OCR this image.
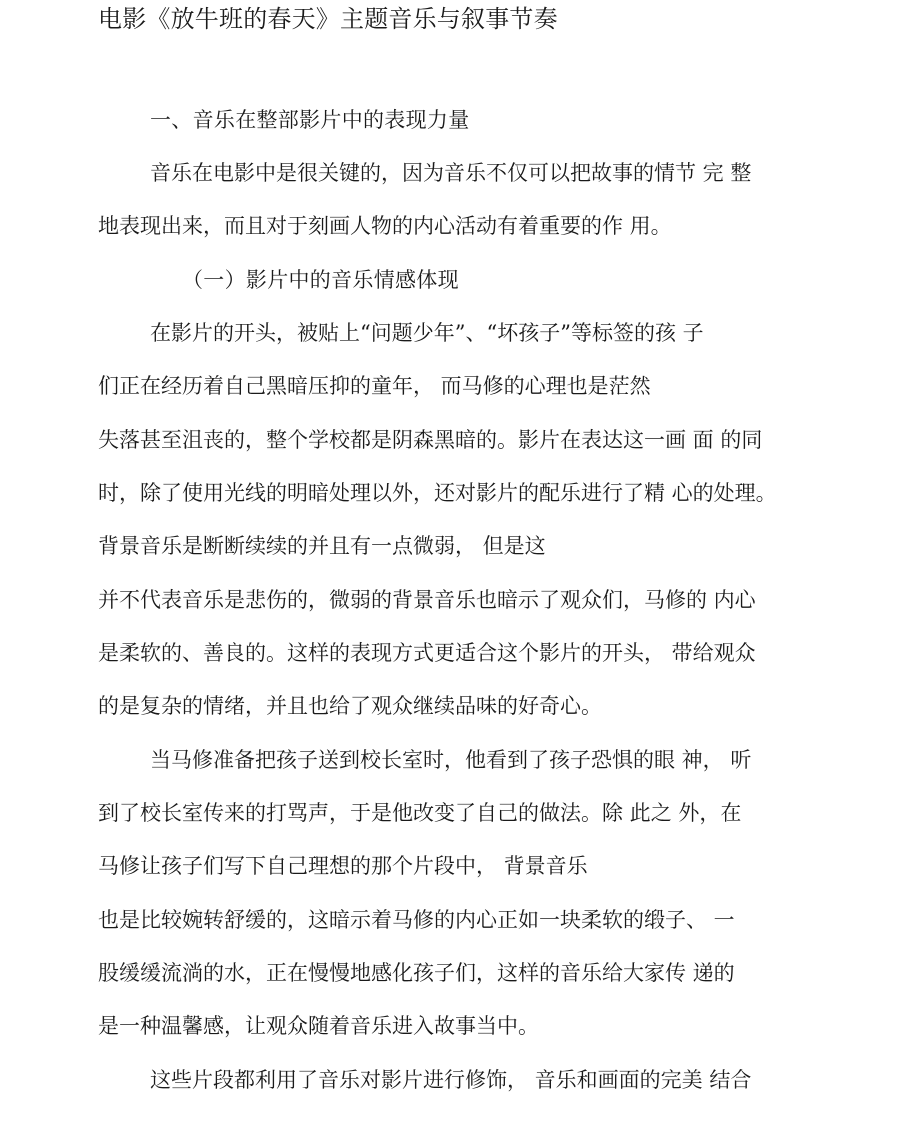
电影《放牛班的春天》主题音乐与叙事节奏
一、音乐在整部影片中的表现力量
音乐在电影中是很关键的，因为音乐不仅可以把故事的情节 完 整
地表现出来，而且对于刻画人物的内心活动有着重要的作 用。
（一）影片中的音乐情感体现
在影片的开头，被贴上“问题少年”、“坏孩子”等标签的孩 子
们正在经历着自己黑暗压抑的童年， 而马修的心理也是茫然
失落甚至沮丧的，整个学校都是阴森黑暗的。影片在表达这一画 面 的同
时，除了使用光线的明暗处理以外，还对影片的配乐进行了精 心的处理。
背景音乐是断断续续的并且有一点微弱， 但是这
并不代表音乐是悲伤的，微弱的背景音乐也暗示了观众们，马修的 内心
是柔软的、善良的。这样的表现方式更适合这个影片的开头， 带给观众
的是复杂的情绪，并且也给了观众继续品味的好奇心。
当马修准备把孩子送到校长室时，他看到了孩子恐惧的眼 神， 听
到了校长室传来的打骂声，于是他改变了自己的做法。除 此之 外，在
马修让孩子们写下自己理想的那个片段中， 背景音乐
也是比较婉转舒缓的，这暗示着马修的内心正如一块柔软的缎子、 一
股缓缓流淌的水，正在慢慢地感化孩子们，这样的音乐给大家传 递的
是一种温馨感，让观众随着音乐进入故事当中。
这些片段都利用了音乐对影片进行修饰， 音乐和画面的完美 结合
